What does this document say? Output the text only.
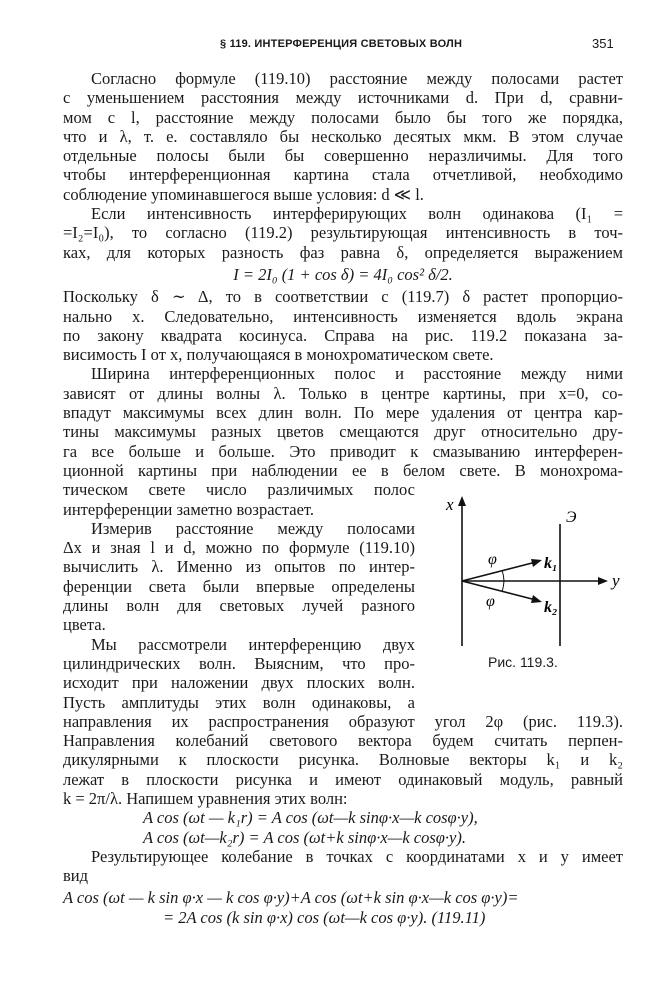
§ 119. ИНТЕРФЕРЕНЦИЯ СВЕТОВЫХ ВОЛН	351
Согласно формуле (119.10) расстояние между полосами растет
с уменьшением расстояния между источниками d. При d, сравни-
мом с l, расстояние между полосами было бы того же порядка,
что и λ, т. е. составляло бы несколько десятых мкм. В этом случае
отдельные полосы были бы совершенно неразличимы. Для того
чтобы интерференционная картина стала отчетливой, необходимо
соблюдение упоминавшегося выше условия: d ≪ l.
Если интенсивность интерферирующих волн одинакова (I₁ =
=I₂=I₀), то согласно (119.2) результирующая интенсивность в точ-
ках, для которых разность фаз равна δ, определяется выражением
I = 2I₀ (1 + cos δ) = 4I₀ cos² δ/2.
Поскольку δ ∼ Δ, то в соответствии с (119.7) δ растет пропорцио-
нально x. Следовательно, интенсивность изменяется вдоль экрана
по закону квадрата косинуса. Справа на рис. 119.2 показана за-
висимость I от x, получающаяся в монохроматическом свете.
Ширина интерференционных полос и расстояние между ними
зависят от длины волны λ. Только в центре картины, при x=0, со-
впадут максимумы всех длин волн. По мере удаления от центра кар-
тины максимумы разных цветов смещаются друг относительно дру-
га все больше и больше. Это приводит к смазыванию интерферен-
ционной картины при наблюдении ее в белом свете. В монохрома-
тическом свете число различимых полос
интерференции заметно возрастает.
Измерив расстояние между полосами
Δx и зная l и d, можно по формуле (119.10)
вычислить λ. Именно из опытов по интер-
ференции света были впервые определены
длины волн для световых лучей разного
цвета.
Мы рассмотрели интерференцию двух
цилиндрических волн. Выясним, что про-
исходит при наложении двух плоских волн.
Пусть амплитуды этих волн одинаковы, а
направления их распространения образуют угол 2φ (рис. 119.3).
Направления колебаний светового вектора будем считать перпен-
дикулярными к плоскости рисунка. Волновые векторы k₁ и k₂
лежат в плоскости рисунка и имеют одинаковый модуль, равный
k = 2π/λ. Напишем уравнения этих волн:
A cos (ωt — k₁r) = A cos (ωt—k sinφ·x—k cosφ·y),
A cos (ωt—k₂r) = A cos (ωt+k sinφ·x—k cosφ·y).
Результирующее колебание в точках с координатами x и y имеет
вид
A cos (ωt — k sin φ·x — k cos φ·y)+A cos (ωt+k sin φ·x—k cos φ·y)=
= 2A cos (k sin φ·x) cos (ωt—k cos φ·y). (119.11)
x
y
Э
k₁
k₂
φ
φ
Рис. 119.3.
